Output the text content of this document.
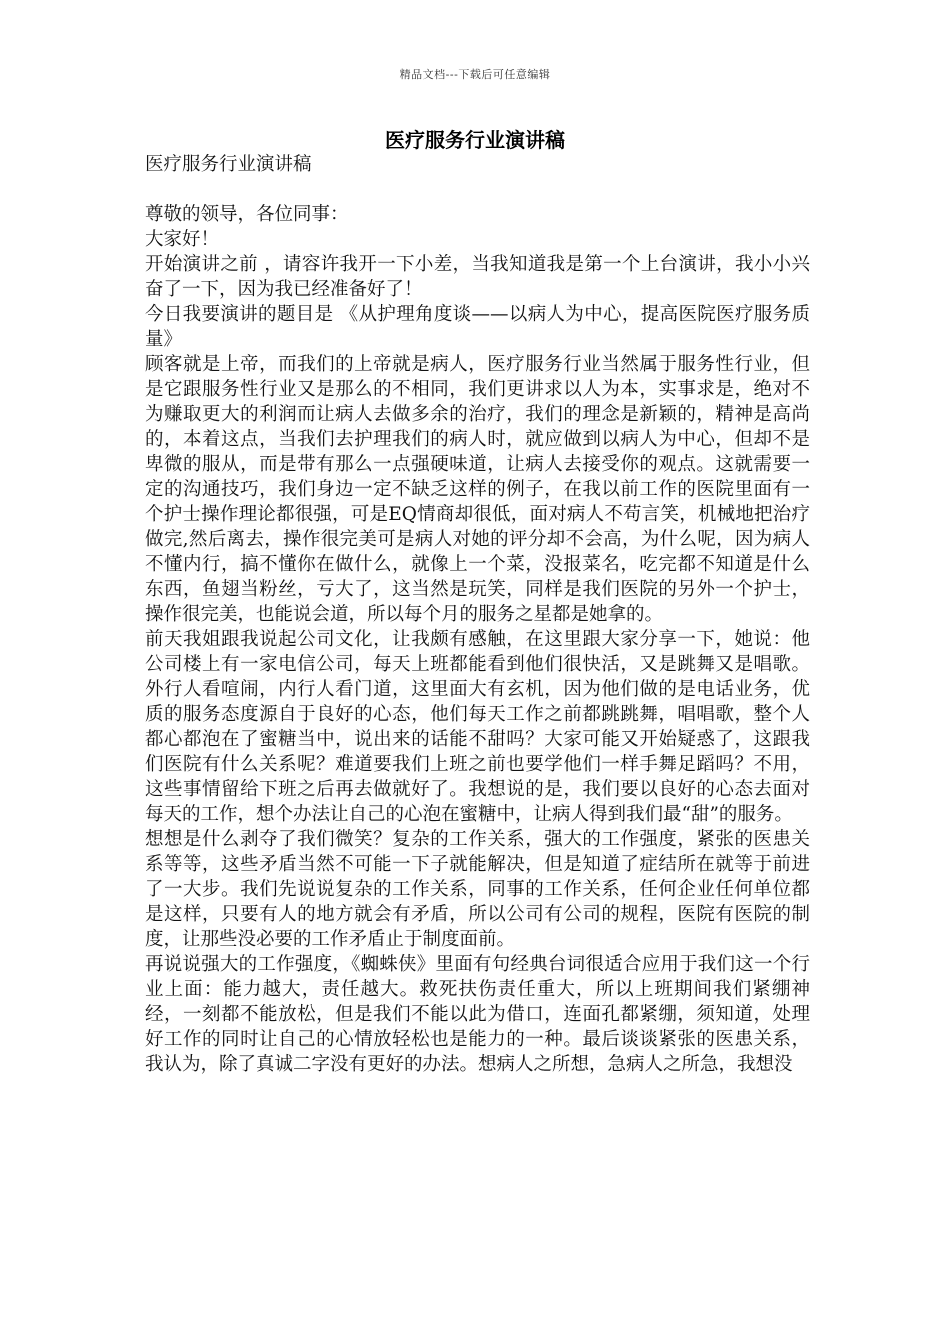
精品文档---下载后可任意编辑
医疗服务行业演讲稿

医疗服务行业演讲稿

尊敬的领导，各位同事：

大家好！

开始演讲之前 ，请容许我开一下小差，当我知道我是第一个上台演讲，我小小兴奋了一下，因为我已经准备好了！

今日我要演讲的题目是 《从护理角度谈——以病人为中心，提高医院医疗服务质量》

顾客就是上帝，而我们的上帝就是病人，医疗服务行业当然属于服务性行业，但是它跟服务性行业又是那么的不相同，我们更讲求以人为本，实事求是，绝对不为赚取更大的利润而让病人去做多余的治疗，我们的理念是新颖的，精神是高尚的，本着这点，当我们去护理我们的病人时，就应做到以病人为中心，但却不是卑微的服从，而是带有那么一点强硬味道，让病人去接受你的观点。这就需要一定的沟通技巧，我们身边一定不缺乏这样的例子，在我以前工作的医院里面有一个护士操作理论都很强，可是EQ情商却很低，面对病人不苟言笑，机械地把治疗做完,然后离去，操作很完美可是病人对她的评分却不会高，为什么呢，因为病人不懂内行，搞不懂你在做什么，就像上一个菜，没报菜名，吃完都不知道是什么东西，鱼翅当粉丝，亏大了，这当然是玩笑，同样是我们医院的另外一个护士，操作很完美，也能说会道，所以每个月的服务之星都是她拿的。

前天我姐跟我说起公司文化，让我颇有感触，在这里跟大家分享一下，她说：他公司楼上有一家电信公司，每天上班都能看到他们很快活，又是跳舞又是唱歌。外行人看喧闹，内行人看门道，这里面大有玄机，因为他们做的是电话业务，优质的服务态度源自于良好的心态，他们每天工作之前都跳跳舞，唱唱歌，整个人都心都泡在了蜜糖当中，说出来的话能不甜吗？大家可能又开始疑惑了，这跟我们医院有什么关系呢？难道要我们上班之前也要学他们一样手舞足蹈吗？不用，这些事情留给下班之后再去做就好了。我想说的是，我们要以良好的心态去面对每天的工作，想个办法让自己的心泡在蜜糖中，让病人得到我们最“甜”的服务。

想想是什么剥夺了我们微笑？复杂的工作关系，强大的工作强度，紧张的医患关系等等，这些矛盾当然不可能一下子就能解决，但是知道了症结所在就等于前进了一大步。我们先说说复杂的工作关系，同事的工作关系，任何企业任何单位都是这样，只要有人的地方就会有矛盾，所以公司有公司的规程，医院有医院的制度，让那些没必要的工作矛盾止于制度面前。

再说说强大的工作强度，《蜘蛛侠》里面有句经典台词很适合应用于我们这一个行业上面：能力越大，责任越大。救死扶伤责任重大，所以上班期间我们紧绷神经，一刻都不能放松，但是我们不能以此为借口，连面孔都紧绷，须知道，处理好工作的同时让自己的心情放轻松也是能力的一种。最后谈谈紧张的医患关系，我认为，除了真诚二字没有更好的办法。想病人之所想，急病人之所急，我想没
